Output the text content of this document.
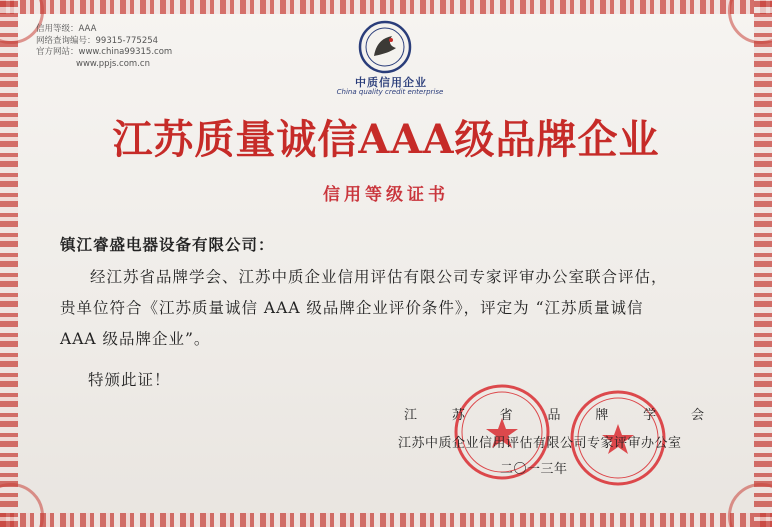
信用等级：AAA
网络查询编号：99315-775254
官方网站：www.china99315.com
www.ppjs.com.cn
中质信用企业
China quality credit enterprise
江苏质量诚信AAA级品牌企业
信用等级证书
镇江睿盛电器设备有限公司：
经江苏省品牌学会、江苏中质企业信用评估有限公司专家评审办公室联合评估，
贵单位符合《江苏质量诚信 AAA 级品牌企业评价条件》，评定为 “江苏质量诚信
AAA 级品牌企业”。
特颁此证！
江	苏	省	品	牌	学	会
江苏中质企业信用评估有限公司专家评审办公室
二〇一三年
